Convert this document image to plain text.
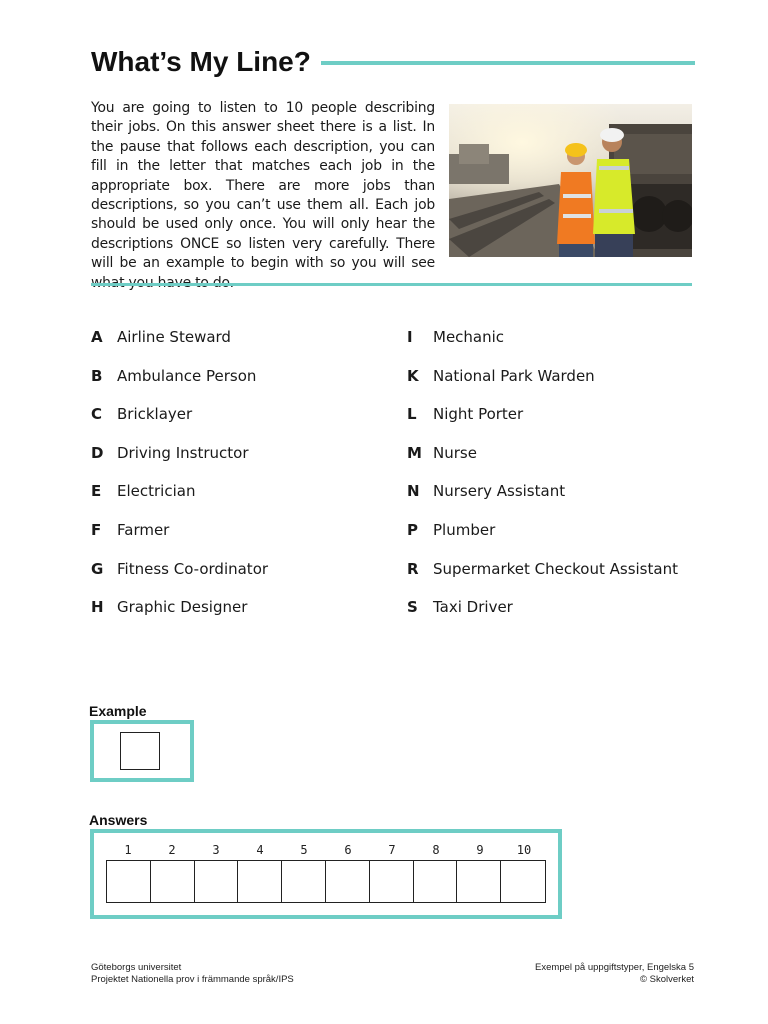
What’s My Line?
You are going to listen to 10 people describing their jobs. On this answer sheet there is a list. In the pause that follows each description, you can fill in the letter that matches each job in the appropriate box. There are more jobs than descriptions, so you can’t use them all. Each job should be used only once. You will only hear the descriptions ONCE so listen very carefully. There will be an example to begin with so you will see
A Airline Steward
B Ambulance Person
C Bricklayer
D Driving Instructor
E	Electrician
F	Farmer
G Fitness Co-ordinator
H Graphic Designer
I	Mechanic
K National Park Warden
L	Night Porter
M Nurse
N Nursery Assistant
P	Plumber
R Supermarket Checkout Assistant
S	Taxi Driver
Example
Answers
1	2	3	4	5	6	7	8	9	10
Göteborgs universitet
Projektet Nationella prov i främmande språk/IPS
Exempel på uppgiftstyper, Engelska 5
© Skolverket
